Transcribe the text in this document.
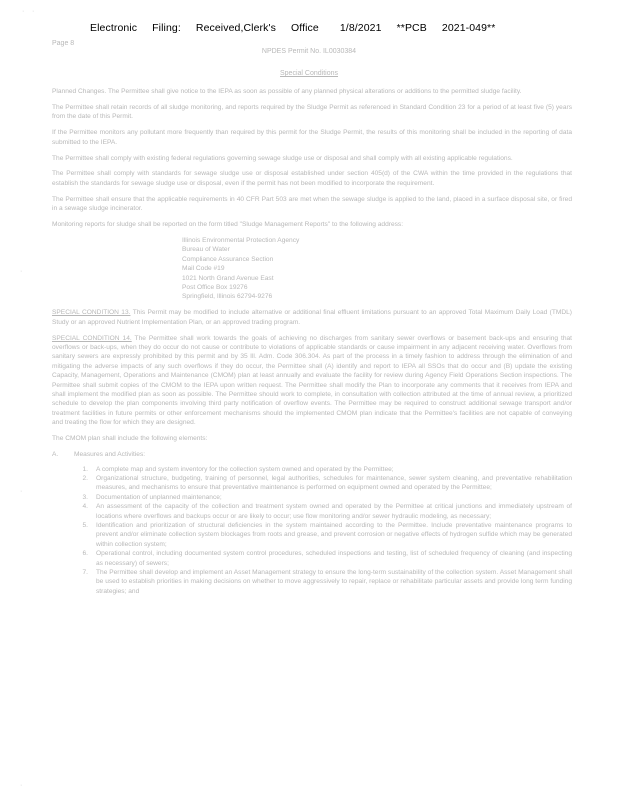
Electronic Filing: Received,Clerk's Office 1/8/2021 **PCB 2021-049**
Page 8
NPDES Permit No. IL0030384
Special Conditions

Planned Changes. The Permittee shall give notice to the IEPA as soon as possible of any planned physical alterations or additions to the permitted sludge facility.

The Permittee shall retain records of all sludge monitoring, and reports required by the Sludge Permit as referenced in Standard Condition 23 for a period of at least five (5) years from the date of this Permit.

If the Permittee monitors any pollutant more frequently than required by this permit for the Sludge Permit, the results of this monitoring shall be included in the reporting of data submitted to the IEPA.

The Permittee shall comply with existing federal regulations governing sewage sludge use or disposal and shall comply with all existing applicable regulations.

The Permittee shall comply with standards for sewage sludge use or disposal established under section 405(d) of the CWA within the time provided in the regulations that establish the standards for sewage sludge use or disposal, even if the permit has not been modified to incorporate the requirement.

The Permittee shall ensure that the applicable requirements in 40 CFR Part 503 are met when the sewage sludge is applied to the land, placed in a surface disposal site, or fired in a sewage sludge incinerator.

Monitoring reports for sludge shall be reported on the form titled "Sludge Management Reports" to the following address:

Illinois Environmental Protection Agency
Bureau of Water
Compliance Assurance Section
Mail Code #19
1021 North Grand Avenue East
Post Office Box 19276
Springfield, Illinois 62794-9276

SPECIAL CONDITION 13. This Permit may be modified to include alternative or additional final effluent limitations pursuant to an approved Total Maximum Daily Load (TMDL) Study or an approved Nutrient Implementation Plan, or an approved trading program.

SPECIAL CONDITION 14. The Permittee shall work towards the goals of achieving no discharges from sanitary sewer overflows or basement back-ups and ensuring that overflows or back-ups, when they do occur do not cause or contribute to violations of applicable standards or cause impairment in any adjacent receiving water. Overflows from sanitary sewers are expressly prohibited by this permit and by 35 Ill. Adm. Code 306.304. As part of the process in a timely fashion to address through the elimination of and mitigating the adverse impacts of any such overflows if they do occur, the Permittee shall (A) identify and report to IEPA all SSOs that do occur and (B) update the existing Capacity, Management, Operations and Maintenance (CMOM) plan at least annually and evaluate the facility for review during Agency Field Operations Section inspections. The Permittee shall submit copies of the CMOM to the IEPA upon written request. The Permittee shall modify the Plan to incorporate any comments that it receives from IEPA and shall implement the modified plan as soon as possible. The Permittee should work to complete, in consultation with collection attributed at the time of annual review, a prioritized schedule to develop the plan components involving third party notification of overflow events. The Permittee may be required to construct additional sewage transport and/or treatment facilities in future permits or other enforcement mechanisms should the implemented CMOM plan indicate that the Permittee's facilities are not capable of conveying and treating the flow for which they are designed.

The CMOM plan shall include the following elements:

A. Measures and Activities:
1.	A complete map and system inventory for the collection system owned and operated by the Permittee;
2.	Organizational structure, budgeting, training of personnel, legal authorities, schedules for maintenance, sewer system cleaning, and preventative rehabilitation measures, and mechanisms to ensure that preventative maintenance is performed on equipment owned and operated by the Permittee;
3.	Documentation of unplanned maintenance;
4.	An assessment of the capacity of the collection and treatment system owned and operated by the Permittee at critical junctions and immediately upstream of locations where overflows and backups occur or are likely to occur; use flow monitoring and/or sewer hydraulic modeling, as necessary;
5.	Identification and prioritization of structural deficiencies in the system maintained according to the Permittee. Include preventative maintenance programs to prevent and/or eliminate collection system blockages from roots and grease, and prevent corrosion or negative effects of hydrogen sulfide which may be generated within collection system;
6.	Operational control, including documented system control procedures, scheduled inspections and testing, list of scheduled frequency of cleaning (and inspecting as necessary) of sewers;
7.	The Permittee shall develop and implement an Asset Management strategy to ensure the long-term sustainability of the collection system. Asset Management shall be used to establish priorities in making decisions on whether to move aggressively to repair, replace or rehabilitate particular assets and provide long term funding strategies; and
· ·
·
·
·
